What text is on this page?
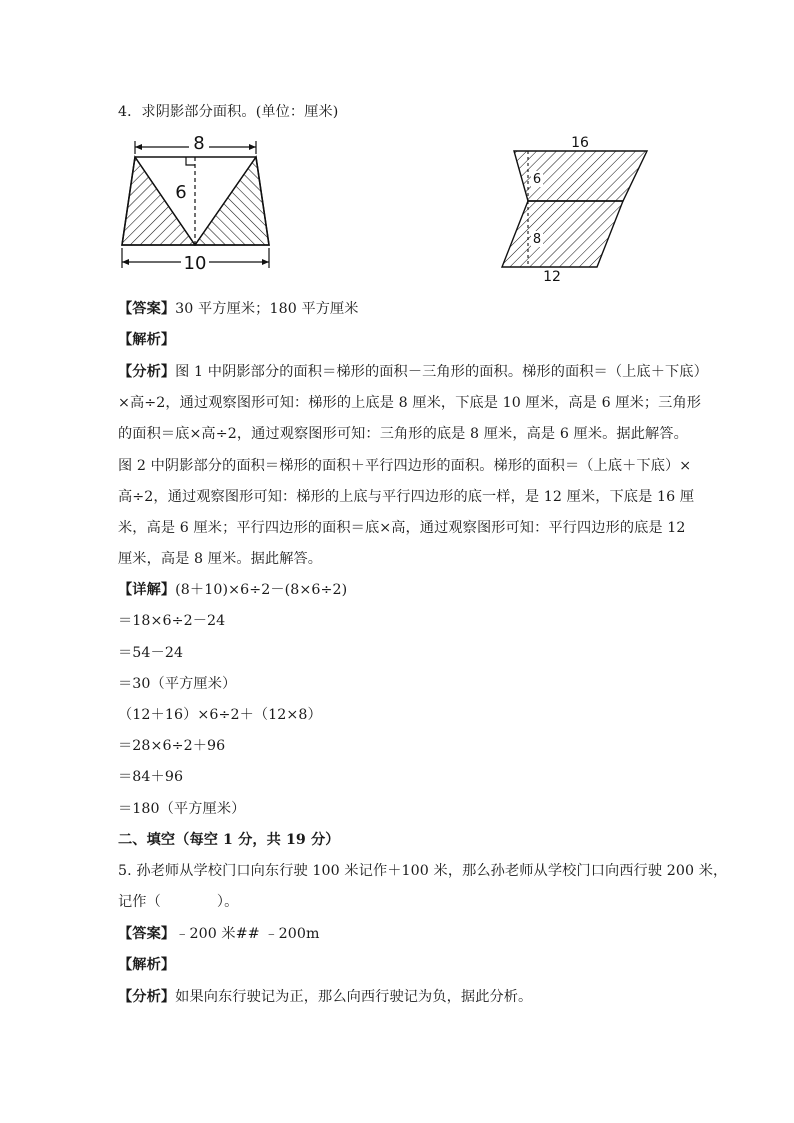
4．求阴影部分面积。(单位：厘米)
8
6
10
16
6
8
12
【答案】30 平方厘米；180 平方厘米
【解析】
【分析】图 1 中阴影部分的面积＝梯形的面积－三角形的面积。梯形的面积＝（上底＋下底）
×高÷2，通过观察图形可知：梯形的上底是 8 厘米，下底是 10 厘米，高是 6 厘米；三角形
的面积＝底×高÷2，通过观察图形可知：三角形的底是 8 厘米，高是 6 厘米。据此解答。
图 2 中阴影部分的面积＝梯形的面积＋平行四边形的面积。梯形的面积＝（上底＋下底）×
高÷2，通过观察图形可知：梯形的上底与平行四边形的底一样，是 12 厘米，下底是 16 厘
米，高是 6 厘米；平行四边形的面积＝底×高，通过观察图形可知：平行四边形的底是 12
厘米，高是 8 厘米。据此解答。
【详解】(8＋10)×6÷2－(8×6÷2)
＝18×6÷2－24
＝54－24
＝30（平方厘米）
（12＋16）×6÷2＋（12×8）
＝28×6÷2＋96
＝84＋96
＝180（平方厘米）
二、填空（每空 1 分，共 19 分）
5. 孙老师从学校门口向东行驶 100 米记作＋100 米，那么孙老师从学校门口向西行驶 200 米，
记作（	）。
【答案】﹣200 米## ﹣200m
【解析】
【分析】如果向东行驶记为正，那么向西行驶记为负，据此分析。
